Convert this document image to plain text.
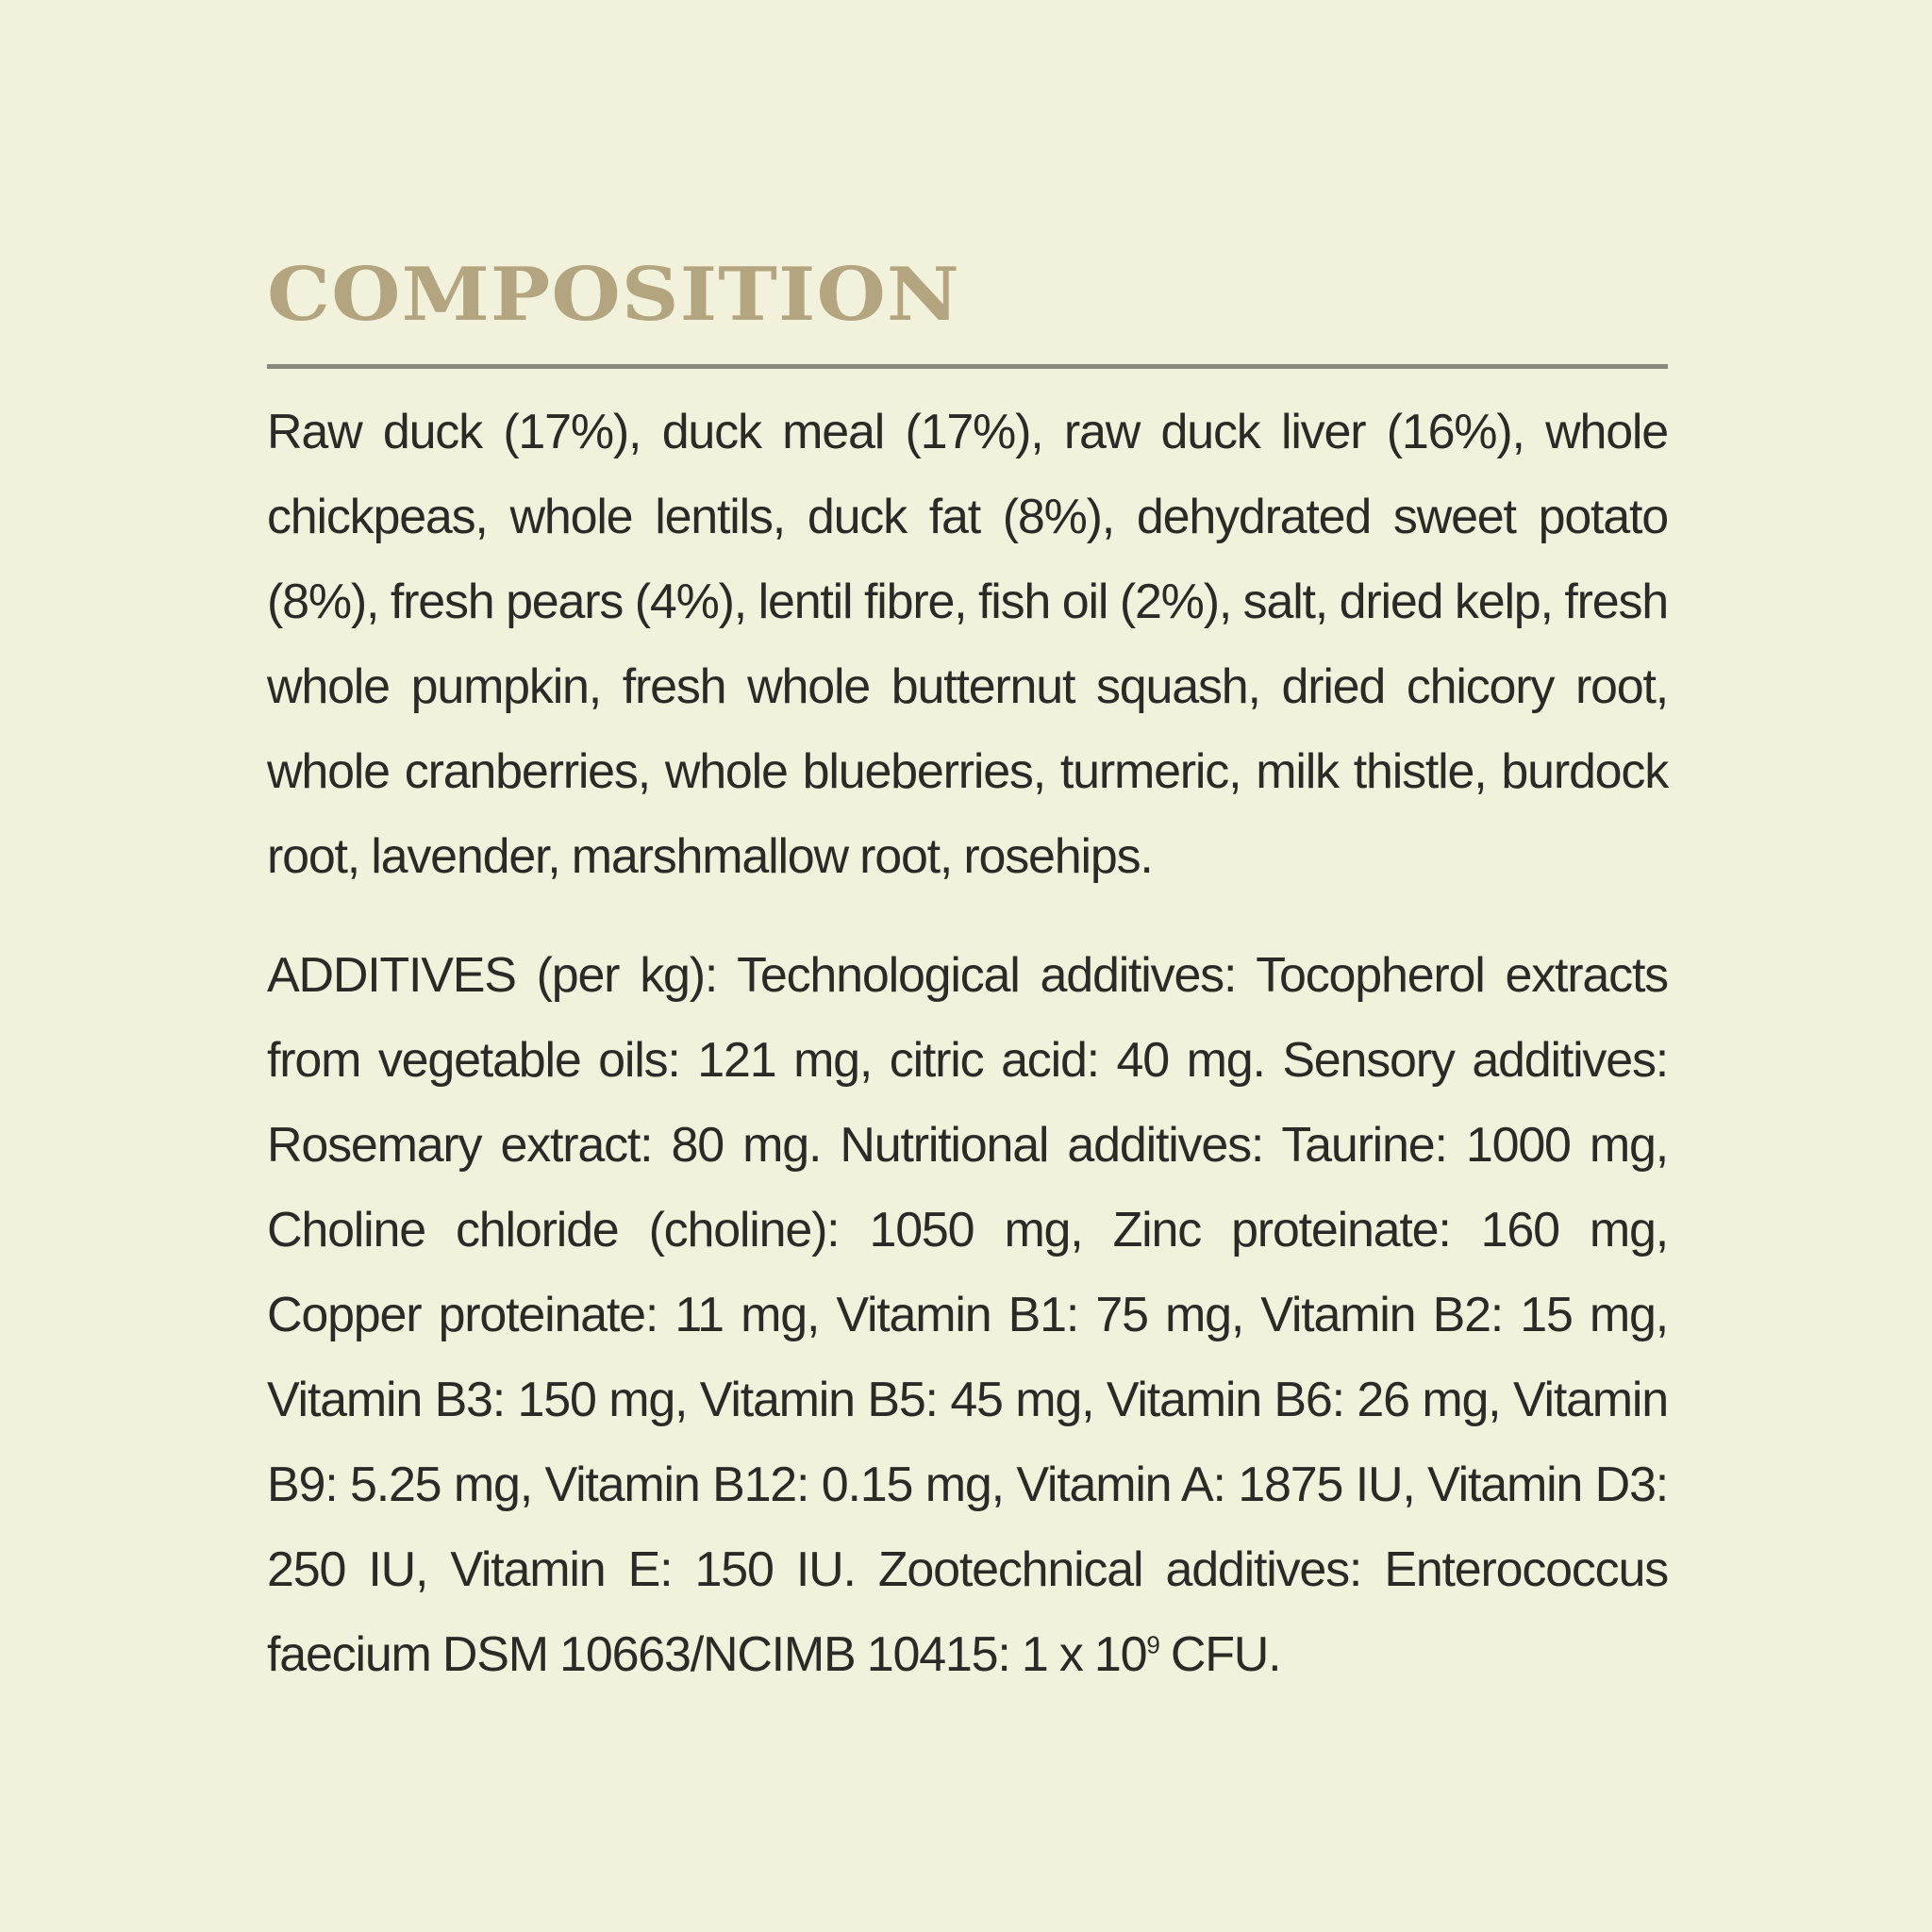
COMPOSITION

Raw duck (17%), duck meal (17%), raw duck liver (16%), whole chickpeas, whole lentils, duck fat (8%), dehydrated sweet potato (8%), fresh pears (4%), lentil fibre, fish oil (2%), salt, dried kelp, fresh whole pumpkin, fresh whole butternut squash, dried chicory root, whole cranberries, whole blueberries, turmeric, milk thistle, burdock root, lavender, marshmallow root, rosehips.

ADDITIVES (per kg): Technological additives: Tocopherol extracts from vegetable oils: 121 mg, citric acid: 40 mg. Sensory additives: Rosemary extract: 80 mg. Nutritional additives: Taurine: 1000 mg, Choline chloride (choline): 1050 mg, Zinc proteinate: 160 mg, Copper proteinate: 11 mg, Vitamin B1: 75 mg, Vitamin B2: 15 mg, Vitamin B3: 150 mg, Vitamin B5: 45 mg, Vitamin B6: 26 mg, Vitamin B9: 5.25 mg, Vitamin B12: 0.15 mg, Vitamin A: 1875 IU, Vitamin D3: 250 IU, Vitamin E: 150 IU. Zootechnical additives: Enterococcus faecium DSM 10663/NCIMB 10415: 1 x $10^9$ CFU.
